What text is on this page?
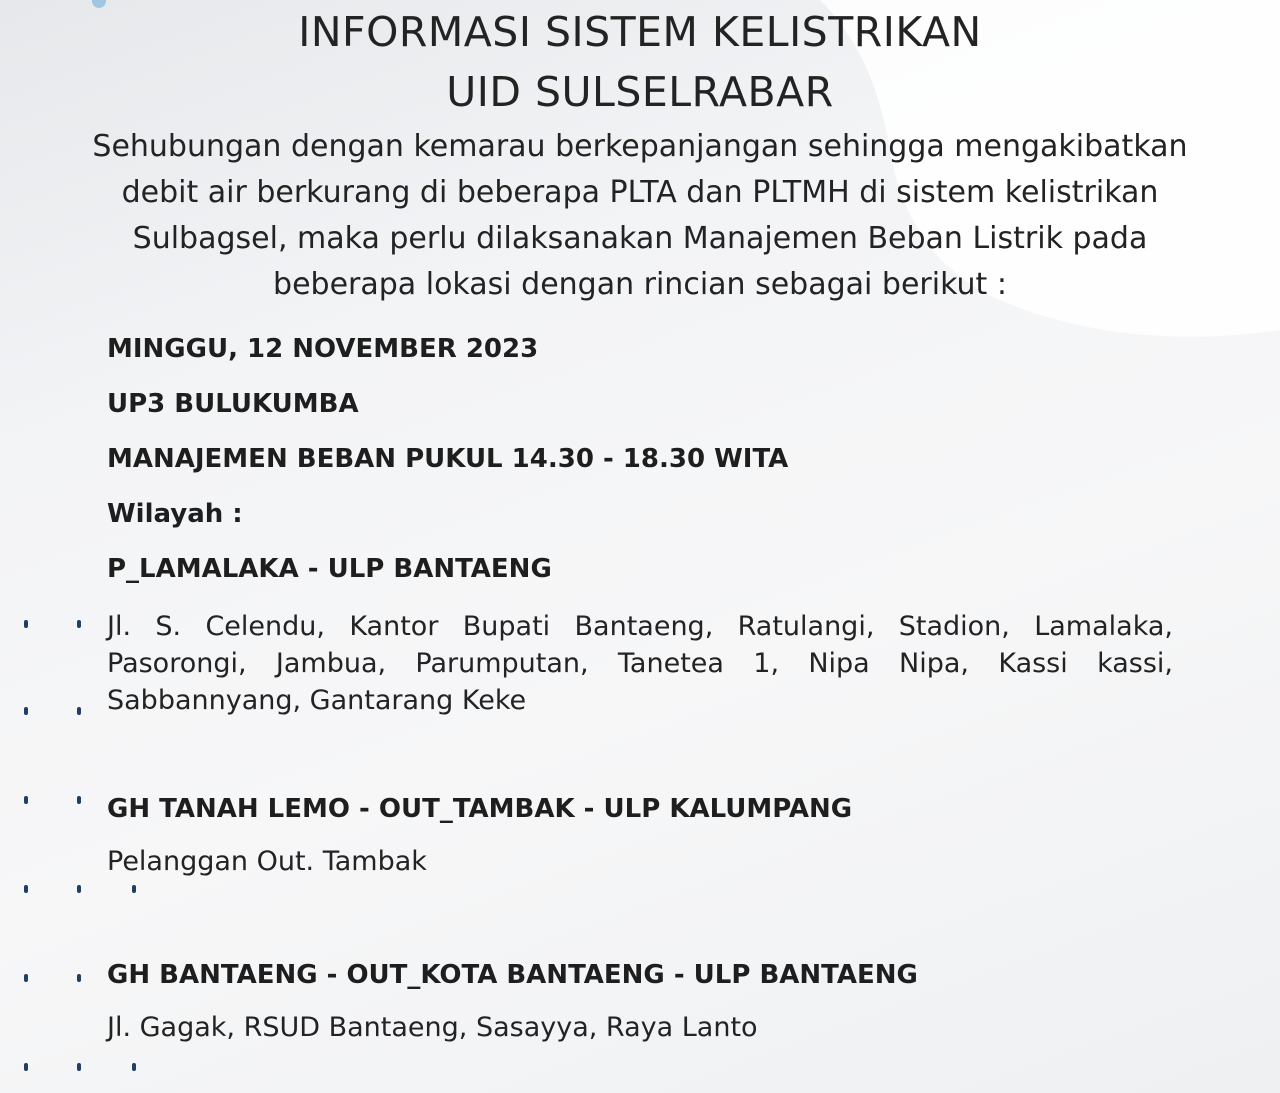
INFORMASI SISTEM KELISTRIKAN
UID SULSELRABAR
Sehubungan dengan kemarau berkepanjangan sehingga mengakibatkan
debit air berkurang di beberapa PLTA dan PLTMH di sistem kelistrikan
Sulbagsel, maka perlu dilaksanakan Manajemen Beban Listrik pada
beberapa lokasi dengan rincian sebagai berikut :
MINGGU, 12 NOVEMBER 2023
UP3 BULUKUMBA
MANAJEMEN BEBAN PUKUL 14.30 - 18.30 WITA
Wilayah :
P_LAMALAKA - ULP BANTAENG
Jl. S. Celendu, Kantor Bupati Bantaeng, Ratulangi, Stadion, Lamalaka, Pasorongi, Jambua, Parumputan, Tanetea 1, Nipa Nipa, Kassi kassi, Sabbannyang, Gantarang Keke
GH TANAH LEMO - OUT_TAMBAK - ULP KALUMPANG
Pelanggan Out. Tambak
GH BANTAENG - OUT_KOTA BANTAENG - ULP BANTAENG
Jl. Gagak, RSUD Bantaeng, Sasayya, Raya Lanto
